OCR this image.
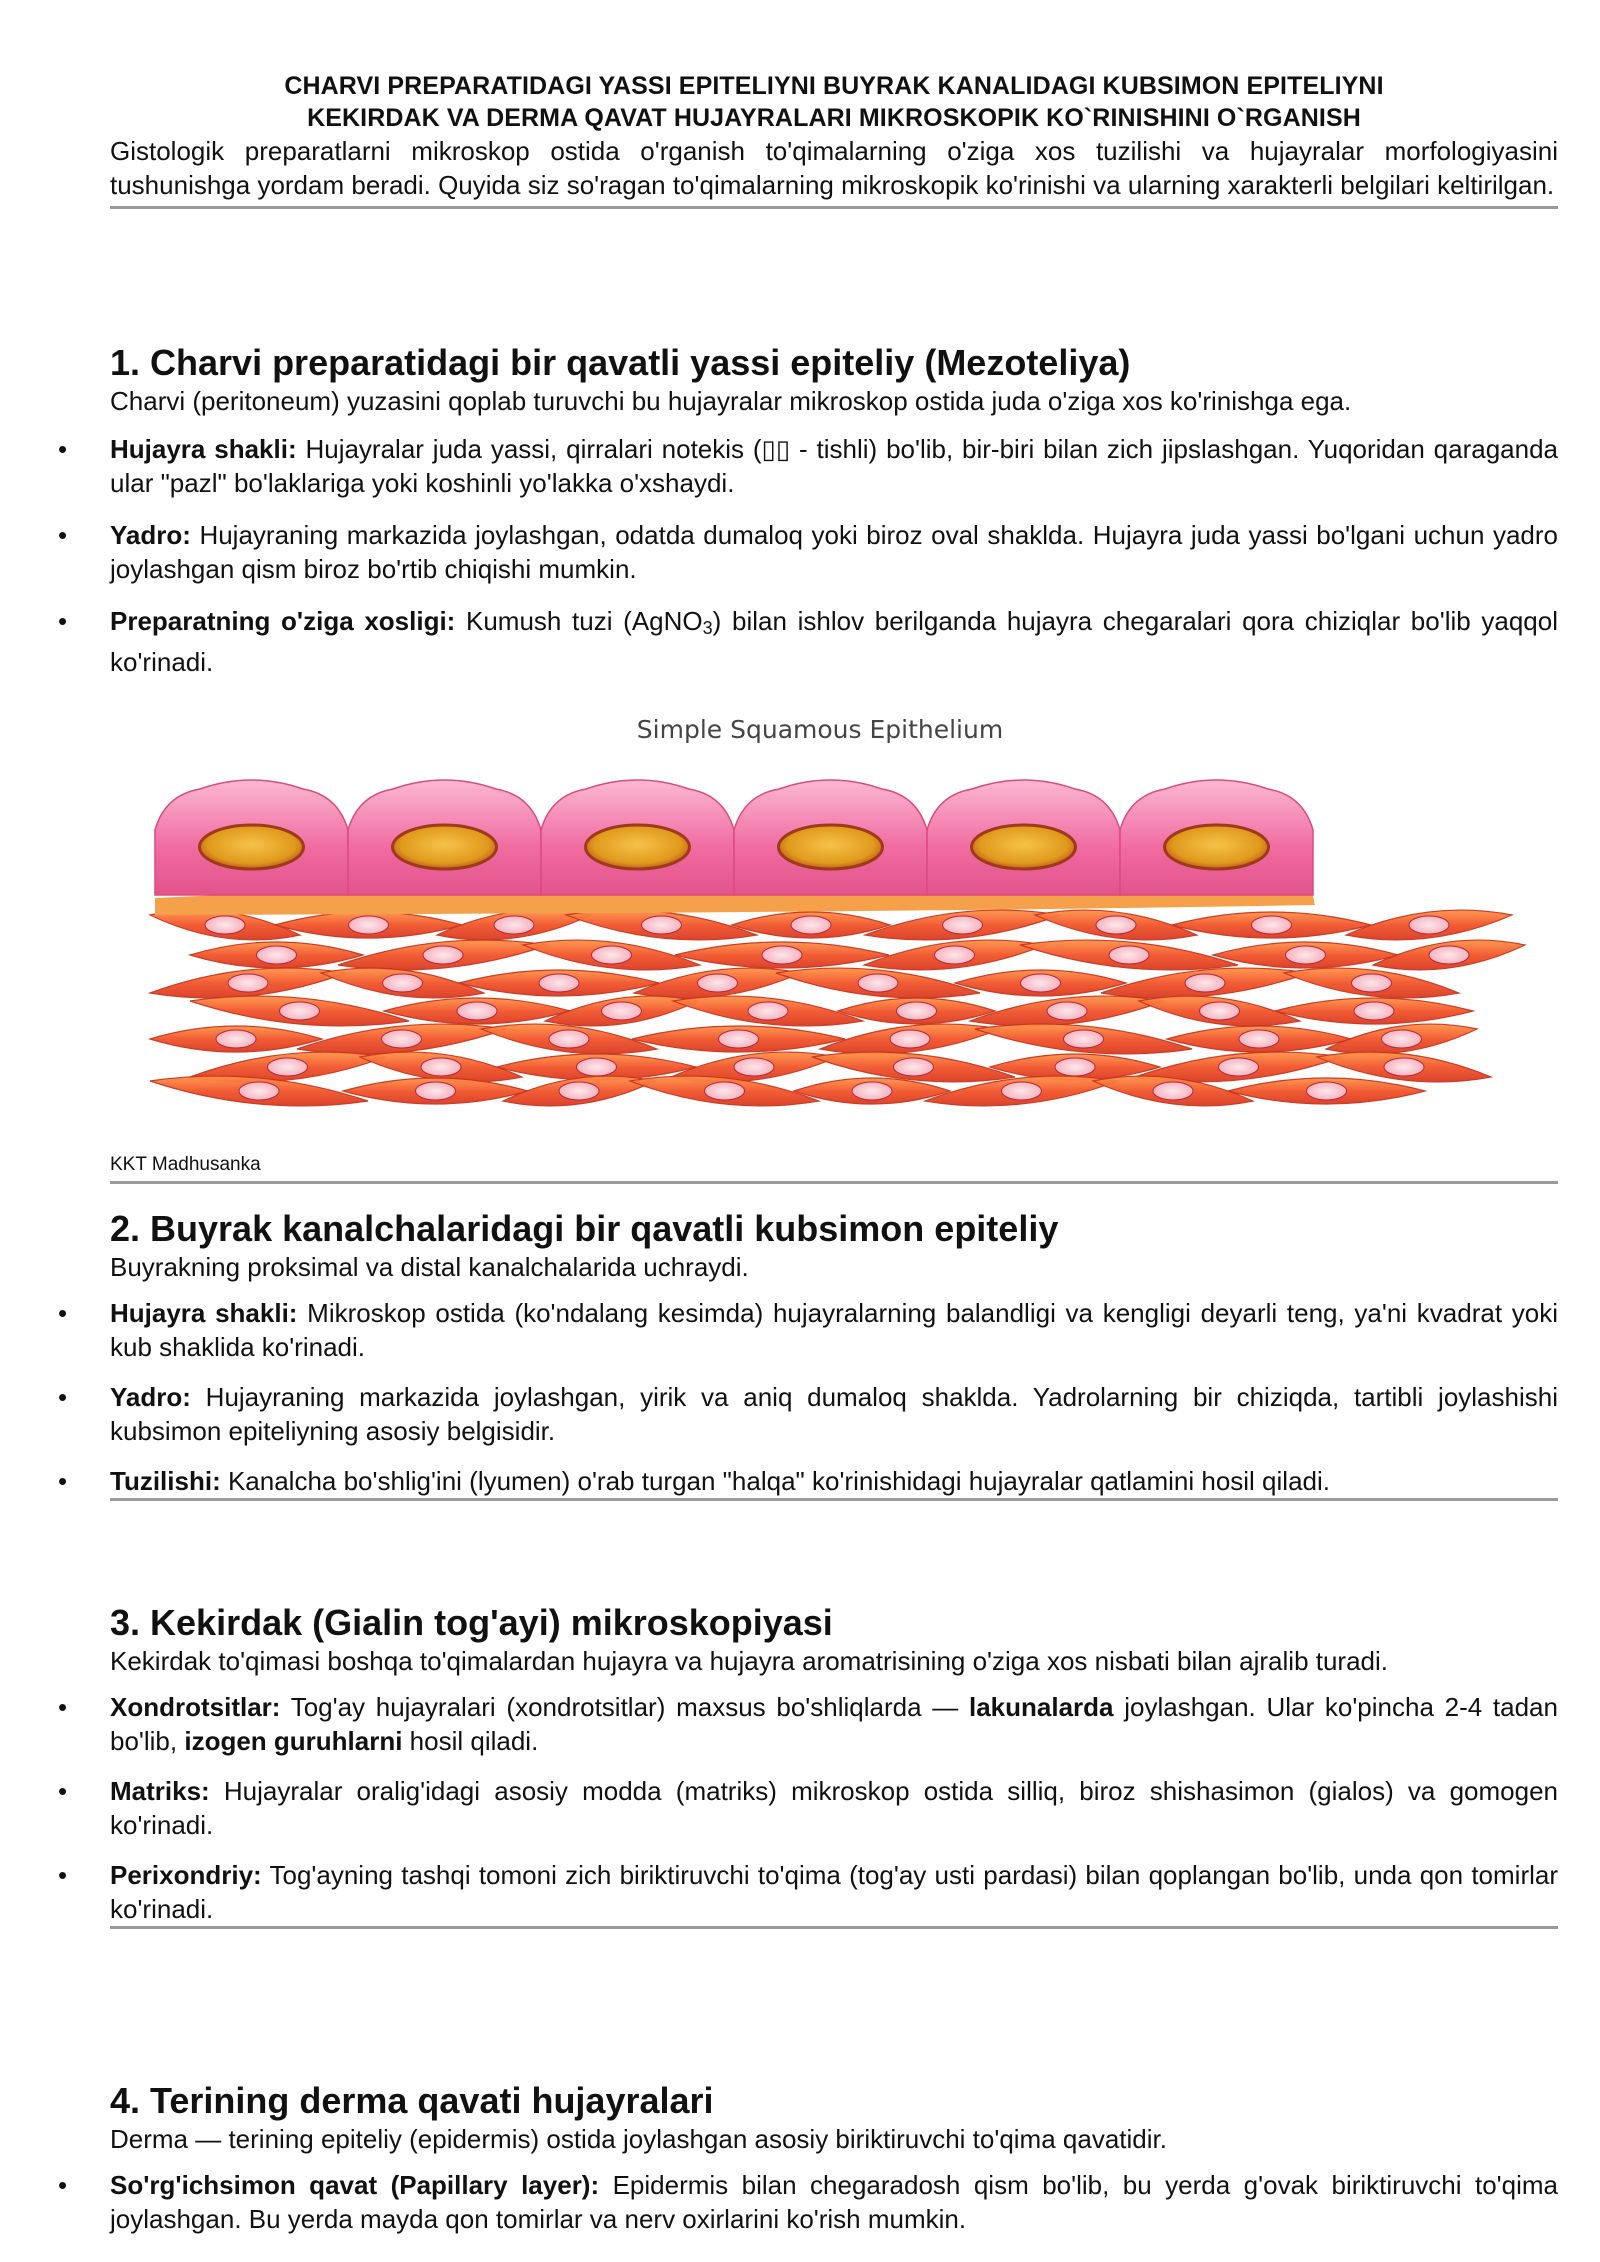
CHARVI PREPARATIDAGI YASSI EPITELIYNI BUYRAK KANALIDAGI KUBSIMON EPITELIYNI

KEKIRDAK VA DERMA QAVAT HUJAYRALARI MIKROSKOPIK KO`RINISHINI O`RGANISH

Gistologik preparatlarni mikroskop ostida o'rganish to'qimalarning o'ziga xos tuzilishi va hujayralar morfologiyasini tushunishga yordam beradi. Quyida siz so'ragan to'qimalarning mikroskopik ko'rinishi va ularning xarakterli belgilari keltirilgan.

1. Charvi preparatidagi bir qavatli yassi epiteliy (Mezoteliya)

Charvi (peritoneum) yuzasini qoplab turuvchi bu hujayralar mikroskop ostida juda o'ziga xos ko'rinishga ega.

• Hujayra shakli: Hujayralar juda yassi, qirralari notekis (▯▯ - tishli) bo'lib, bir-biri bilan zich jipslashgan. Yuqoridan qaraganda ular "pazl" bo'laklariga yoki koshinli yo'lakka o'xshaydi.
• Yadro: Hujayraning markazida joylashgan, odatda dumaloq yoki biroz oval shaklda. Hujayra juda yassi bo'lgani uchun yadro joylashgan qism biroz bo'rtib chiqishi mumkin.
• Preparatning o'ziga xosligi: Kumush tuzi (AgNO$_3$) bilan ishlov berilganda hujayra chegaralari qora chiziqlar bo'lib yaqqol ko'rinadi.
Simple Squamous Epithelium
KKT Madhusanka
2. Buyrak kanalchalaridagi bir qavatli kubsimon epiteliy

Buyrakning proksimal va distal kanalchalarida uchraydi.

• Hujayra shakli: Mikroskop ostida (ko'ndalang kesimda) hujayralarning balandligi va kengligi deyarli teng, ya'ni kvadrat yoki kub shaklida ko'rinadi.
• Yadro: Hujayraning markazida joylashgan, yirik va aniq dumaloq shaklda. Yadrolarning bir chiziqda, tartibli joylashishi kubsimon epiteliyning asosiy belgisidir.
• Tuzilishi: Kanalcha bo'shlig'ini (lyumen) o'rab turgan "halqa" ko'rinishidagi hujayralar qatlamini hosil qiladi.
3. Kekirdak (Gialin tog'ayi) mikroskopiyasi

Kekirdak to'qimasi boshqa to'qimalardan hujayra va hujayra aromatrisining o'ziga xos nisbati bilan ajralib turadi.

• Xondrotsitlar: Tog'ay hujayralari (xondrotsitlar) maxsus bo'shliqlarda — lakunalarda joylashgan. Ular ko'pincha 2-4 tadan bo'lib, izogen guruhlarni hosil qiladi.
• Matriks: Hujayralar oralig'idagi asosiy modda (matriks) mikroskop ostida silliq, biroz shishasimon (gialos) va gomogen ko'rinadi.
• Perixondriy: Tog'ayning tashqi tomoni zich biriktiruvchi to'qima (tog'ay usti pardasi) bilan qoplangan bo'lib, unda qon tomirlar ko'rinadi.
4. Terining derma qavati hujayralari

Derma — terining epiteliy (epidermis) ostida joylashgan asosiy biriktiruvchi to'qima qavatidir.

• So'rg'ichsimon qavat (Papillary layer): Epidermis bilan chegaradosh qism bo'lib, bu yerda g'ovak biriktiruvchi to'qima joylashgan. Bu yerda mayda qon tomirlar va nerv oxirlarini ko'rish mumkin.
